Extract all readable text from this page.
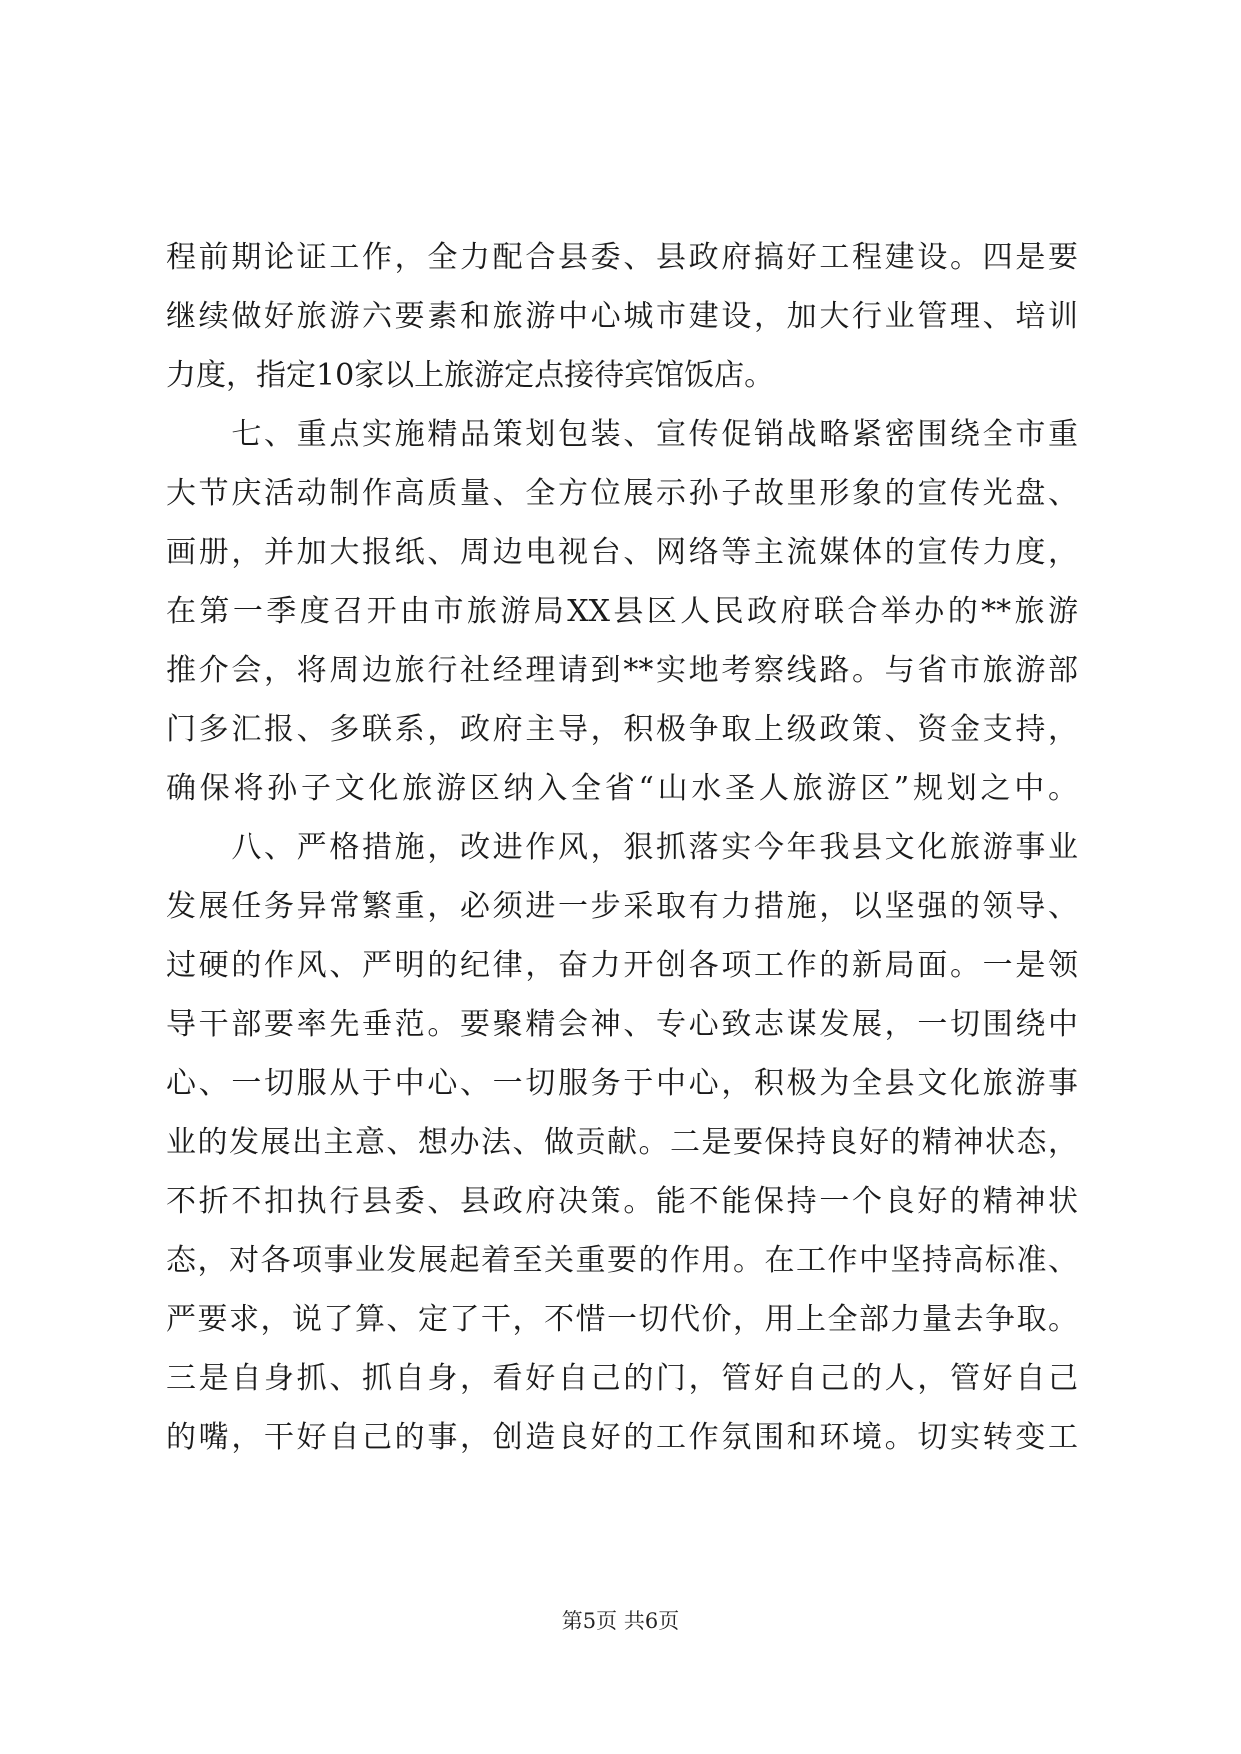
程前期论证工作，全力配合县委、县政府搞好工程建设。四是要
继续做好旅游六要素和旅游中心城市建设，加大行业管理、培训
力度，指定10家以上旅游定点接待宾馆饭店。
　　七、重点实施精品策划包装、宣传促销战略紧密围绕全市重
大节庆活动制作高质量、全方位展示孙子故里形象的宣传光盘、
画册，并加大报纸、周边电视台、网络等主流媒体的宣传力度，
在第一季度召开由市旅游局XX县区人民政府联合举办的**旅游
推介会，将周边旅行社经理请到**实地考察线路。与省市旅游部
门多汇报、多联系，政府主导，积极争取上级政策、资金支持，
确保将孙子文化旅游区纳入全省“山水圣人旅游区”规划之中。
　　八、严格措施，改进作风，狠抓落实今年我县文化旅游事业
发展任务异常繁重，必须进一步采取有力措施，以坚强的领导、
过硬的作风、严明的纪律，奋力开创各项工作的新局面。一是领
导干部要率先垂范。要聚精会神、专心致志谋发展，一切围绕中
心、一切服从于中心、一切服务于中心，积极为全县文化旅游事
业的发展出主意、想办法、做贡献。二是要保持良好的精神状态，
不折不扣执行县委、县政府决策。能不能保持一个良好的精神状
态，对各项事业发展起着至关重要的作用。在工作中坚持高标准、
严要求，说了算、定了干，不惜一切代价，用上全部力量去争取。
三是自身抓、抓自身，看好自己的门，管好自己的人，管好自己
的嘴，干好自己的事，创造良好的工作氛围和环境。切实转变工
第5页 共6页
